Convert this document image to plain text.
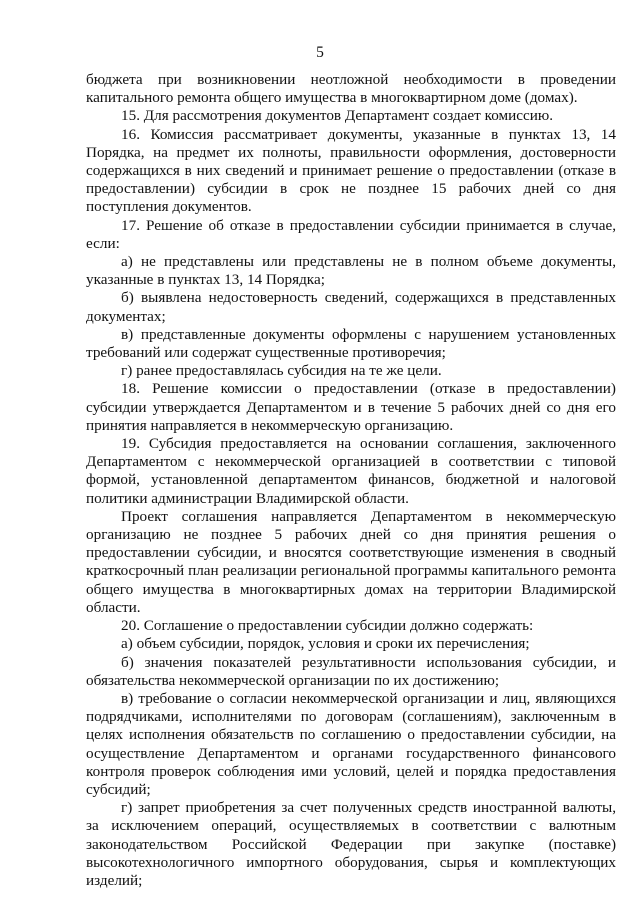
5

бюджета при возникновении неотложной необходимости в проведении капитального ремонта общего имущества в многоквартирном доме (домах).

15. Для рассмотрения документов Департамент создает комиссию.

16. Комиссия рассматривает документы, указанные в пунктах 13, 14 Порядка, на предмет их полноты, правильности оформления, достоверности содержащихся в них сведений и принимает решение о предоставлении (отказе в предоставлении) субсидии в срок не позднее 15 рабочих дней со дня поступления документов.

17. Решение об отказе в предоставлении субсидии принимается в случае, если:

а) не представлены или представлены не в полном объеме документы, указанные в пунктах 13, 14 Порядка;

б) выявлена недостоверность сведений, содержащихся в представленных документах;

в) представленные документы оформлены с нарушением установленных требований или содержат существенные противоречия;

г) ранее предоставлялась субсидия на те же цели.

18. Решение комиссии о предоставлении (отказе в предоставлении) субсидии утверждается Департаментом и в течение 5 рабочих дней со дня его принятия направляется в некоммерческую организацию.

19. Субсидия предоставляется на основании соглашения, заключенного Департаментом с некоммерческой организацией в соответствии с типовой формой, установленной департаментом финансов, бюджетной и налоговой политики администрации Владимирской области.

Проект соглашения направляется Департаментом в некоммерческую организацию не позднее 5 рабочих дней со дня принятия решения о предоставлении субсидии, и вносятся соответствующие изменения в сводный краткосрочный план реализации региональной программы капитального ремонта общего имущества в многоквартирных домах на территории Владимирской области.

20. Соглашение о предоставлении субсидии должно содержать:

а) объем субсидии, порядок, условия и сроки их перечисления;

б) значения показателей результативности использования субсидии, и обязательства некоммерческой организации по их достижению;

в) требование о согласии некоммерческой организации и лиц, являющихся подрядчиками, исполнителями по договорам (соглашениям), заключенным в целях исполнения обязательств по соглашению о предоставлении субсидии, на осуществление Департаментом и органами государственного финансового контроля проверок соблюдения ими условий, целей и порядка предоставления субсидий;

г) запрет приобретения за счет полученных средств иностранной валюты, за исключением операций, осуществляемых в соответствии с валютным законодательством Российской Федерации при закупке (поставке) высокотехнологичного импортного оборудования, сырья и комплектующих изделий;
